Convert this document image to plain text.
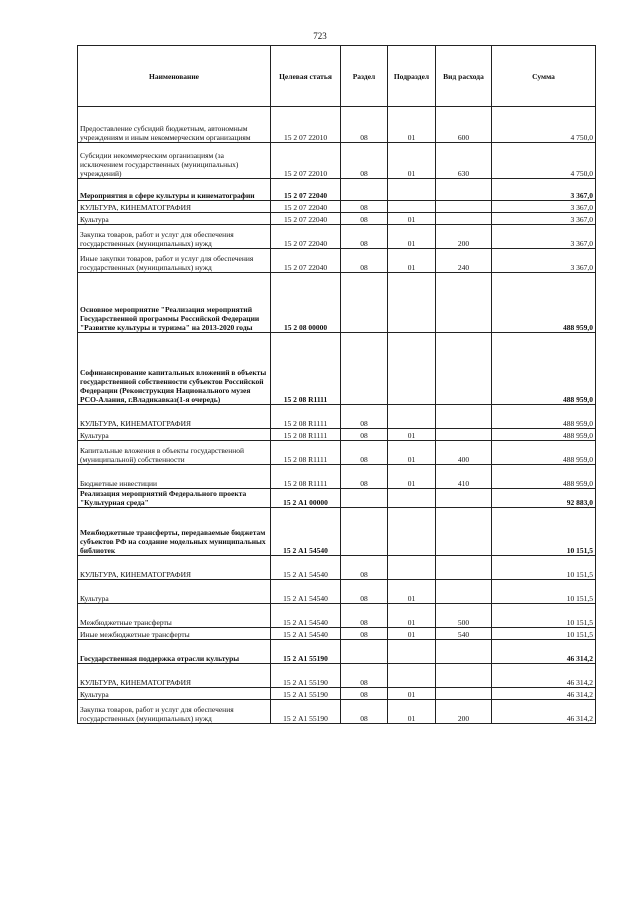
723
Наименование	Целевая статья	Раздел	Подраздел	Вид расхода	Сумма
Предоставление субсидий бюджетным, автономным учреждениям и иным некоммерческим организациям	15 2 07 22010	08	01	600	4 750,0
Субсидии некоммерческим организациям (за исключением государственных (муниципальных) учреждений)	15 2 07 22010	08	01	630	4 750,0
Мероприятия в сфере культуры и кинематографии	15 2 07 22040				3 367,0
КУЛЬТУРА, КИНЕМАТОГРАФИЯ	15 2 07 22040	08			3 367,0
Культура	15 2 07 22040	08	01		3 367,0
Закупка товаров, работ и услуг для обеспечения государственных (муниципальных) нужд	15 2 07 22040	08	01	200	3 367,0
Иные закупки товаров, работ и услуг для обеспечения государственных (муниципальных) нужд	15 2 07 22040	08	01	240	3 367,0
Основное мероприятие "Реализация мероприятий Государственной программы Российской Федерации "Развитие культуры и туризма" на 2013-2020 годы	15 2 08 00000				488 959,0
Софинансирование капитальных вложений в объекты государственной собственности субъектов Российской Федерации (Реконструкция Национального музея РСО-Алания, г.Владикавказ(1-я очередь)	15 2 08 R1111				488 959,0
КУЛЬТУРА, КИНЕМАТОГРАФИЯ	15 2 08 R1111	08			488 959,0
Культура	15 2 08 R1111	08	01		488 959,0
Капитальные вложения в объекты государственной (муниципальной) собственности	15 2 08 R1111	08	01	400	488 959,0
Бюджетные инвестиции	15 2 08 R1111	08	01	410	488 959,0
Реализация мероприятий Федерального проекта "Культурная среда"	15 2 А1 00000				92 883,0
Межбюджетные трансферты, передаваемые бюджетам субъектов РФ на создание модельных муниципальных библиотек	15 2 А1 54540				10 151,5
КУЛЬТУРА, КИНЕМАТОГРАФИЯ	15 2 А1 54540	08			10 151,5
Культура	15 2 А1 54540	08	01		10 151,5
Межбюджетные трансферты	15 2 А1 54540	08	01	500	10 151,5
Иные межбюджетные трансферты	15 2 А1 54540	08	01	540	10 151,5
Государственная поддержка отрасли культуры	15 2 А1 55190				46 314,2
КУЛЬТУРА, КИНЕМАТОГРАФИЯ	15 2 А1 55190	08			46 314,2
Культура	15 2 А1 55190	08	01		46 314,2
Закупка товаров, работ и услуг для обеспечения государственных (муниципальных) нужд	15 2 А1 55190	08	01	200	46 314,2
